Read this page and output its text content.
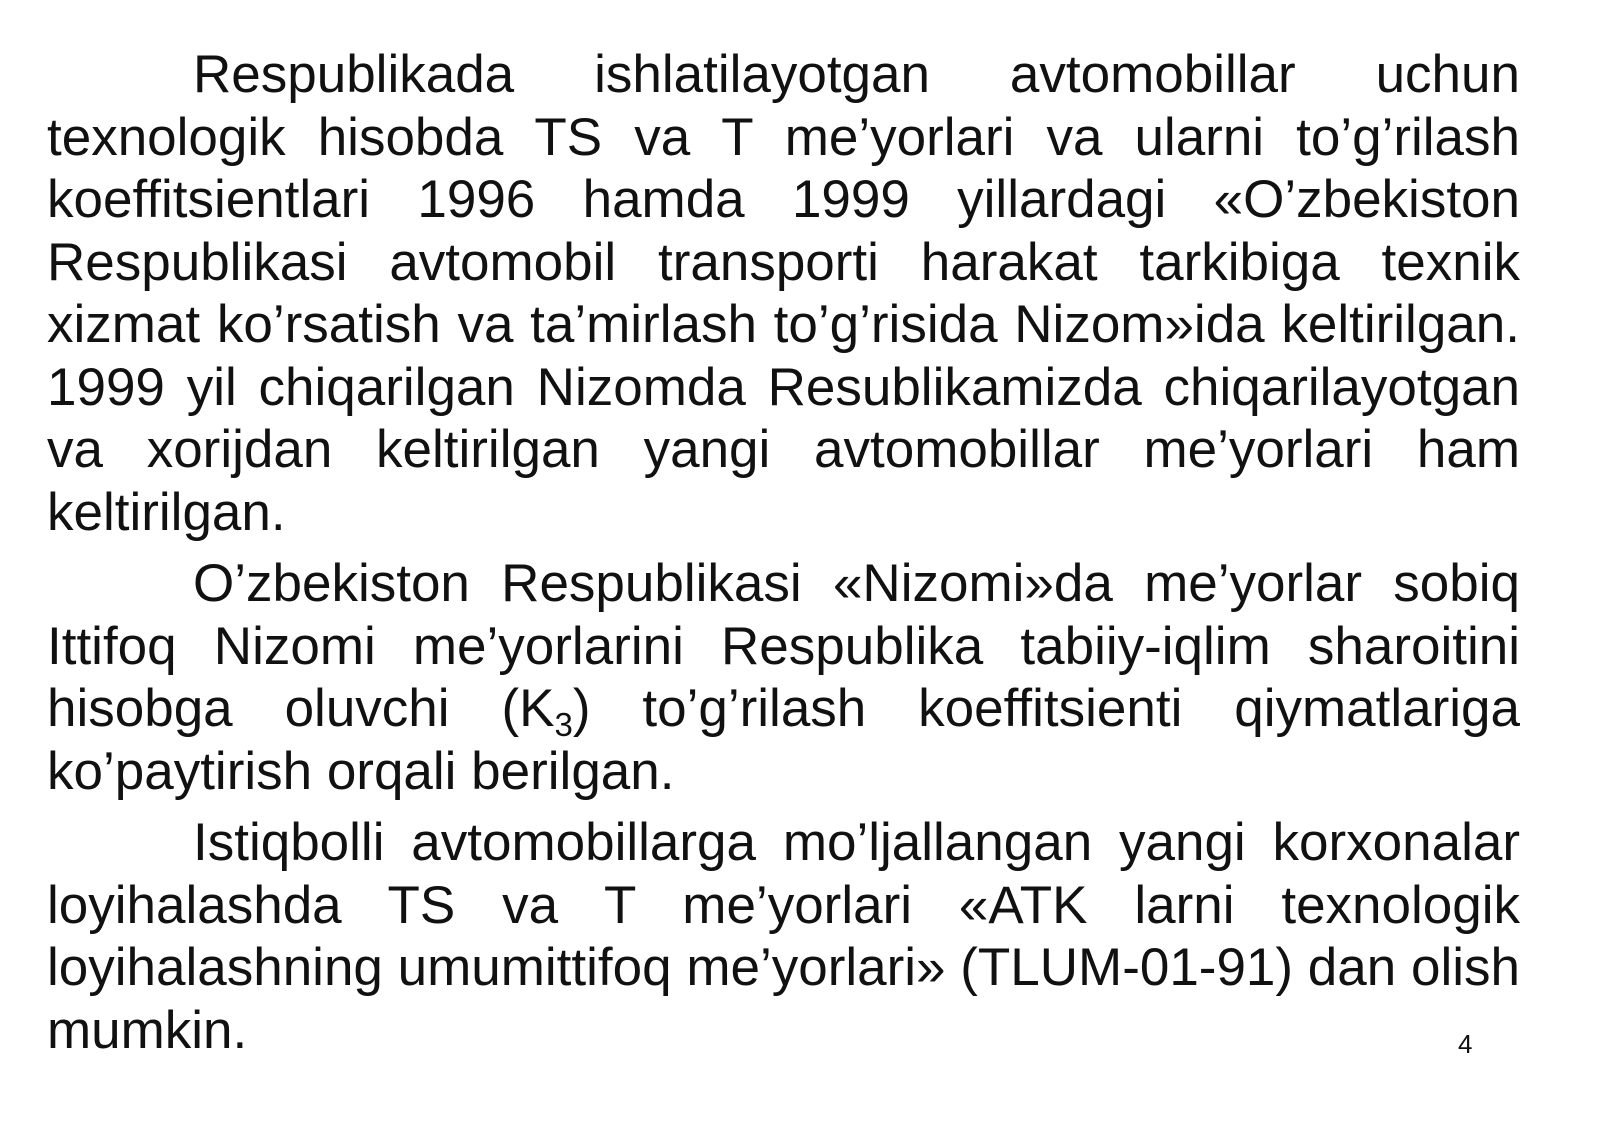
Respublikada ishlatilayotgan avtomobillar uchun texnologik hisobda TS va T me’yorlari va ularni to’g’rilash koeffitsientlari 1996 hamda 1999 yillardagi «O’zbekiston Respublikasi avtomobil transporti harakat tarkibiga texnik xizmat ko’rsatish va ta’mirlash to’g’risida Nizom»ida keltirilgan. 1999 yil chiqarilgan Nizomda Resublikamizda chiqarilayotgan va xorijdan keltirilgan yangi avtomobillar me’yorlari ham keltirilgan.

O’zbekiston Respublikasi «Nizomi»da me’yorlar sobiq Ittifoq Nizomi me’yorlarini Respublika tabiiy-iqlim sharoitini hisobga oluvchi $(K_3)$ to’g’rilash koeffitsienti qiymatlariga ko’paytirish orqali berilgan.

Istiqbolli avtomobillarga mo’ljallangan yangi korxonalar loyihalashda TS va T me’yorlari «ATK larni texnologik loyihalashning umumittifoq me’yorlari» (TLUM-01-91) dan olish mumkin.	4
